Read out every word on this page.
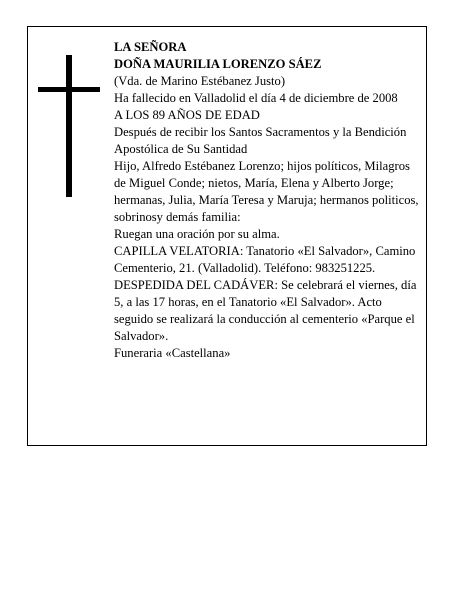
LA SEÑORA

DOÑA MAURILIA LORENZO SÁEZ

(Vda. de Marino Estébanez Justo)

Ha fallecido en Valladolid el día 4 de diciembre de 2008

A LOS 89 AÑOS DE EDAD

Después de recibir los Santos Sacramentos y la Bendición Apostólica de Su Santidad

Hijo, Alfredo Estébanez Lorenzo; hijos políticos, Milagros de Miguel Conde; nietos, María, Elena y Alberto Jorge; hermanas, Julia, María Teresa y Maruja; hermanos politicos, sobrinosy demás familia:

Ruegan una oración por su alma.

CAPILLA VELATORIA: Tanatorio «El Salvador», Camino Cementerio, 21. (Valladolid). Teléfono: 983251225.

DESPEDIDA DEL CADÁVER: Se celebrará el viernes, día 5, a las 17 horas, en el Tanatorio «El Salvador». Acto seguido se realizará la conducción al cementerio «Parque el Salvador».

Funeraria «Castellana»
